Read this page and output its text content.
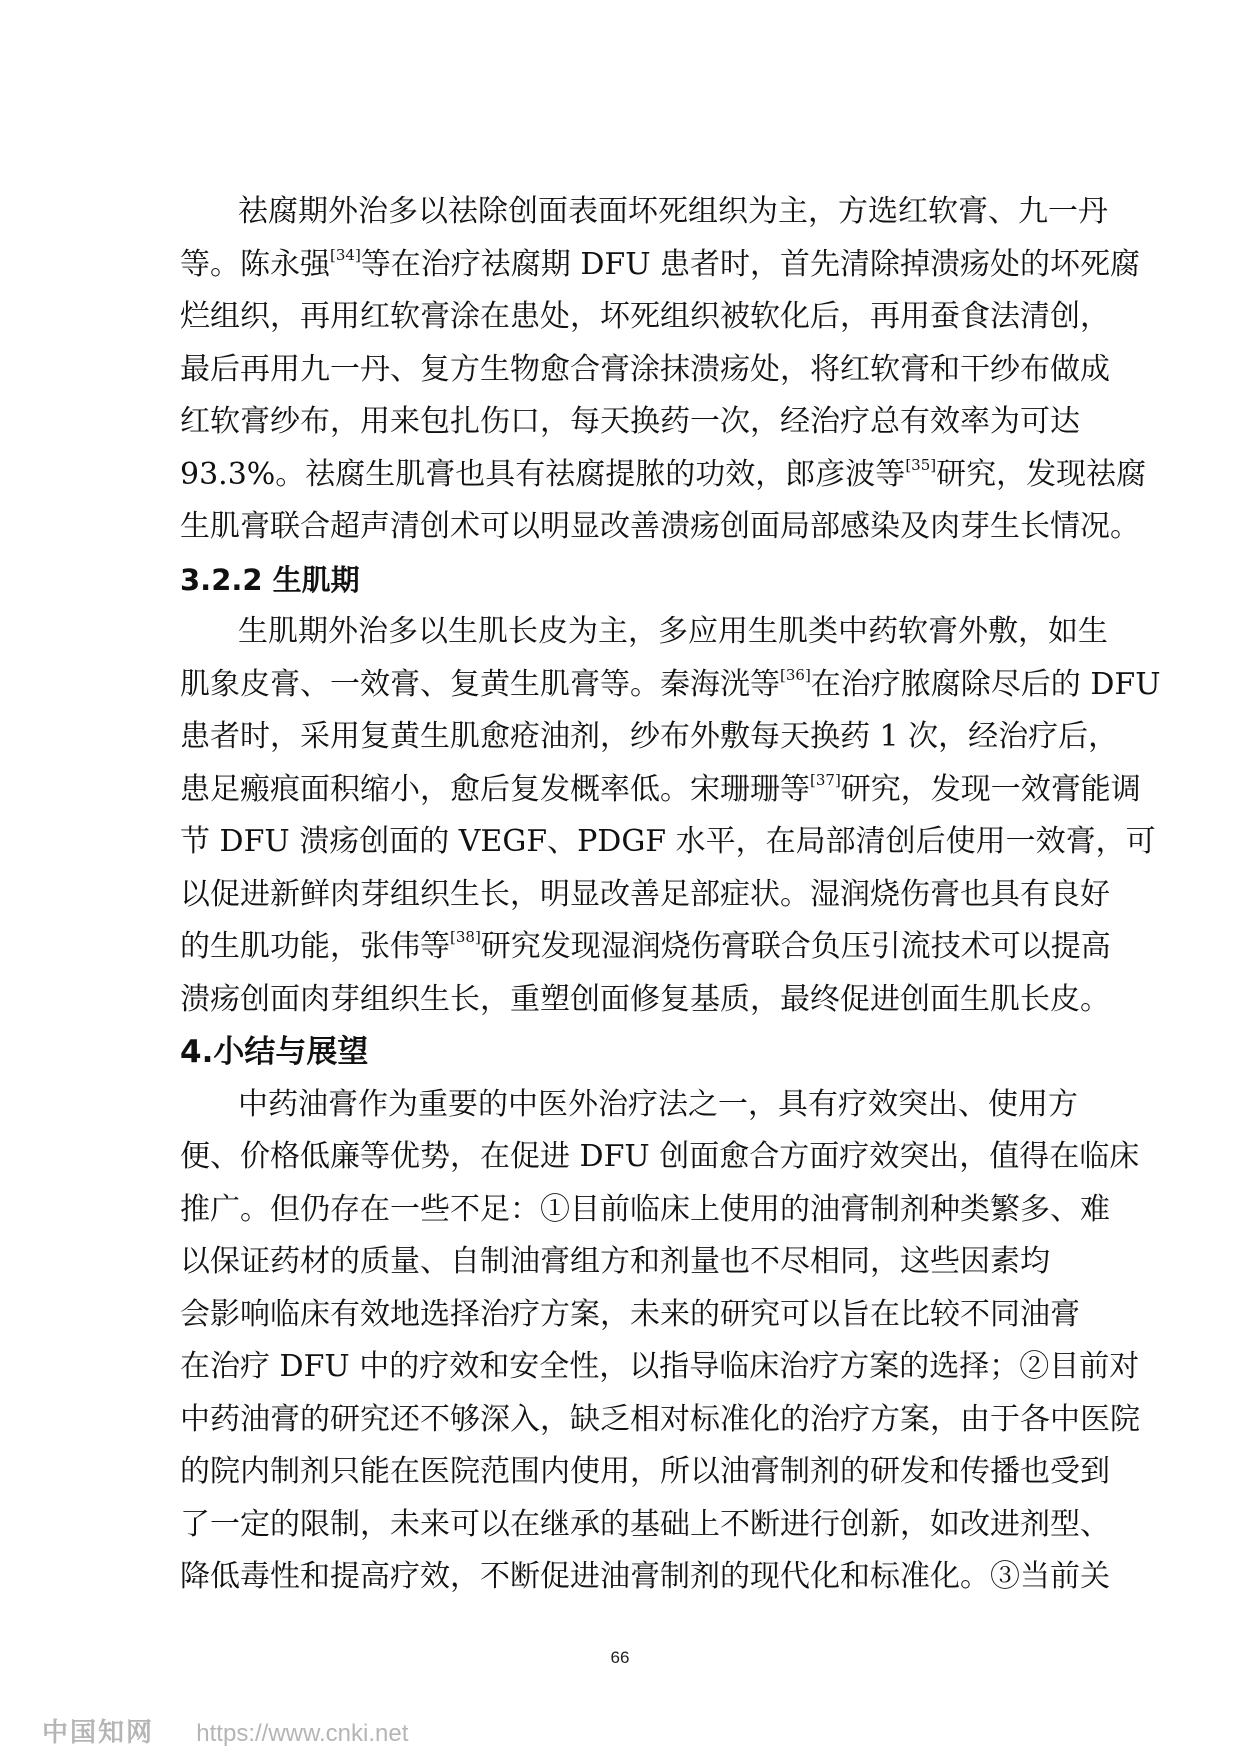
祛腐期外治多以祛除创面表面坏死组织为主，方选红软膏、九一丹
等。陈永强[34]等在治疗祛腐期 DFU 患者时，首先清除掉溃疡处的坏死腐
烂组织，再用红软膏涂在患处，坏死组织被软化后，再用蚕食法清创，
最后再用九一丹、复方生物愈合膏涂抹溃疡处，将红软膏和干纱布做成
红软膏纱布，用来包扎伤口，每天换药一次，经治疗总有效率为可达
93.3%。祛腐生肌膏也具有祛腐提脓的功效，郎彦波等[35]研究，发现祛腐
生肌膏联合超声清创术可以明显改善溃疡创面局部感染及肉芽生长情况。
3.2.2 生肌期
生肌期外治多以生肌长皮为主，多应用生肌类中药软膏外敷，如生
肌象皮膏、一效膏、复黄生肌膏等。秦海洸等[36]在治疗脓腐除尽后的 DFU
患者时，采用复黄生肌愈疮油剂，纱布外敷每天换药 1 次，经治疗后，
患足瘢痕面积缩小，愈后复发概率低。宋珊珊等[37]研究，发现一效膏能调
节 DFU 溃疡创面的 VEGF、PDGF 水平，在局部清创后使用一效膏，可
以促进新鲜肉芽组织生长，明显改善足部症状。湿润烧伤膏也具有良好
的生肌功能，张伟等[38]研究发现湿润烧伤膏联合负压引流技术可以提高
溃疡创面肉芽组织生长，重塑创面修复基质，最终促进创面生肌长皮。
4.小结与展望
中药油膏作为重要的中医外治疗法之一，具有疗效突出、使用方
便、价格低廉等优势，在促进 DFU 创面愈合方面疗效突出，值得在临床
推广。但仍存在一些不足：①目前临床上使用的油膏制剂种类繁多、难
以保证药材的质量、自制油膏组方和剂量也不尽相同，这些因素均
会影响临床有效地选择治疗方案，未来的研究可以旨在比较不同油膏
在治疗 DFU 中的疗效和安全性，以指导临床治疗方案的选择；②目前对
中药油膏的研究还不够深入，缺乏相对标准化的治疗方案，由于各中医院
的院内制剂只能在医院范围内使用，所以油膏制剂的研发和传播也受到
了一定的限制，未来可以在继承的基础上不断进行创新，如改进剂型、
降低毒性和提高疗效，不断促进油膏制剂的现代化和标准化。③当前关
66
中国知网 https://www.cnki.net
